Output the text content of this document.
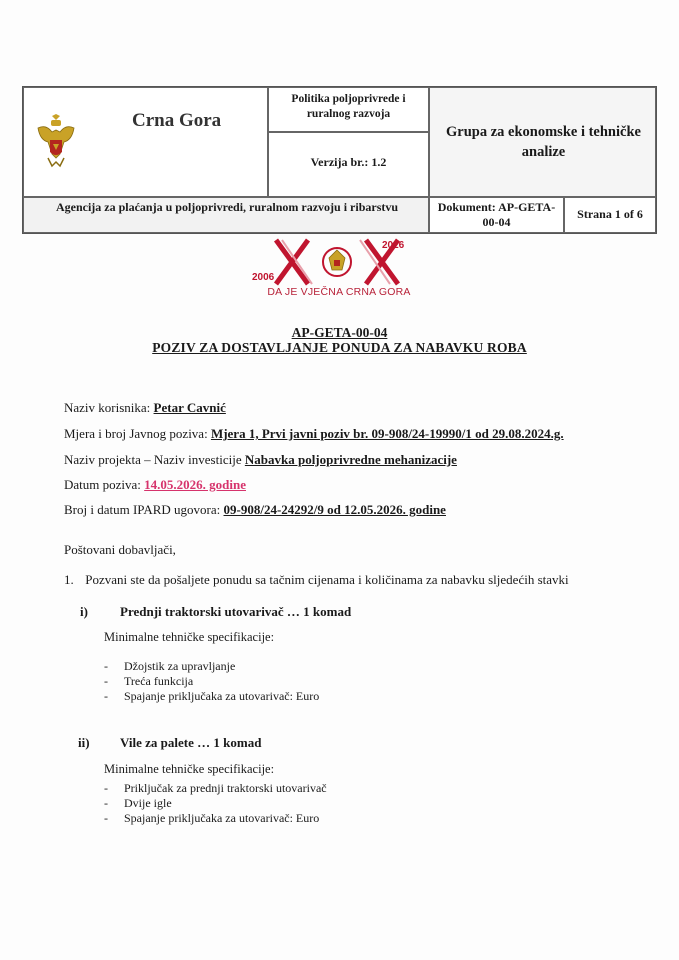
Crna Gora
Politika poljoprivrede i ruralnog razvoja
Verzija br.: 1.2
Grupa za ekonomske i tehničke analize
Agencija za plaćanja u poljoprivredi, ruralnom razvoju i ribarstvu	Dokument: AP-GETA-00-04
Strana 1 of 6
2006
2026
DA JE VJEČNA CRNA GORA
AP-GETA-00-04
POZIV ZA DOSTAVLJANJE PONUDA ZA NABAVKU ROBA
Naziv korisnika: Petar Cavnić
Mjera i broj Javnog poziva: Mjera 1, Prvi javni poziv br. 09-908/24-19990/1 od 29.08.2024.g.
Naziv projekta – Naziv investicije Nabavka poljoprivredne mehanizacije
Datum poziva: 14.05.2026. godine
Broj i datum IPARD ugovora: 09-908/24-24292/9 od 12.05.2026. godine
Poštovani dobavljači,
1. Pozvani ste da pošaljete ponudu sa tačnim cijenama i količinama za nabavku sljedećih stavki
i) Prednji traktorski utovarivač … 1 komad
Minimalne tehničke specifikacije:
- Džojstik za upravljanje
- Treća funkcija
- Spajanje priključaka za utovarivač: Euro
ii) Vile za palete … 1 komad
Minimalne tehničke specifikacije:
- Priključak za prednji traktorski utovarivač
- Dvije igle
- Spajanje priključaka za utovarivač: Euro
